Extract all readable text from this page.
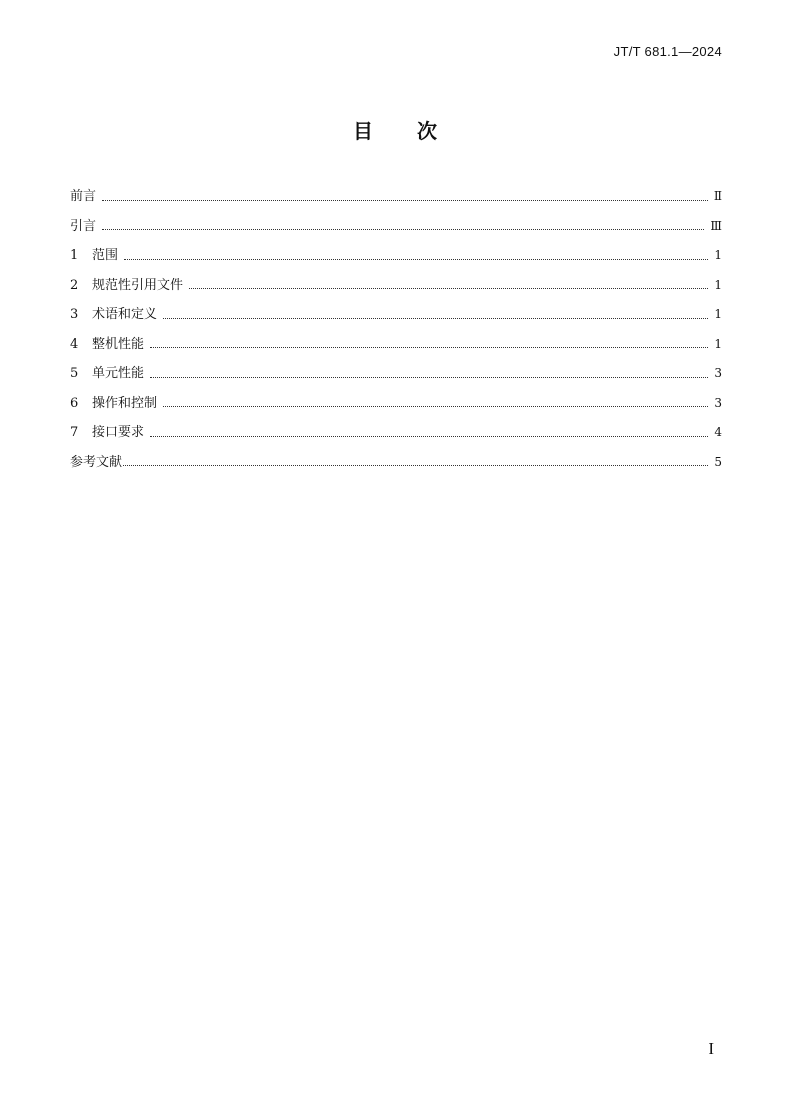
JT/T 681.1—2024
目 次
前言	Ⅱ
引言	Ⅲ
1	范围	1
2	规范性引用文件	1
3	术语和定义	1
4	整机性能	1
5	单元性能	3
6	操作和控制	3
7	接口要求	4
参考文献	5
I
